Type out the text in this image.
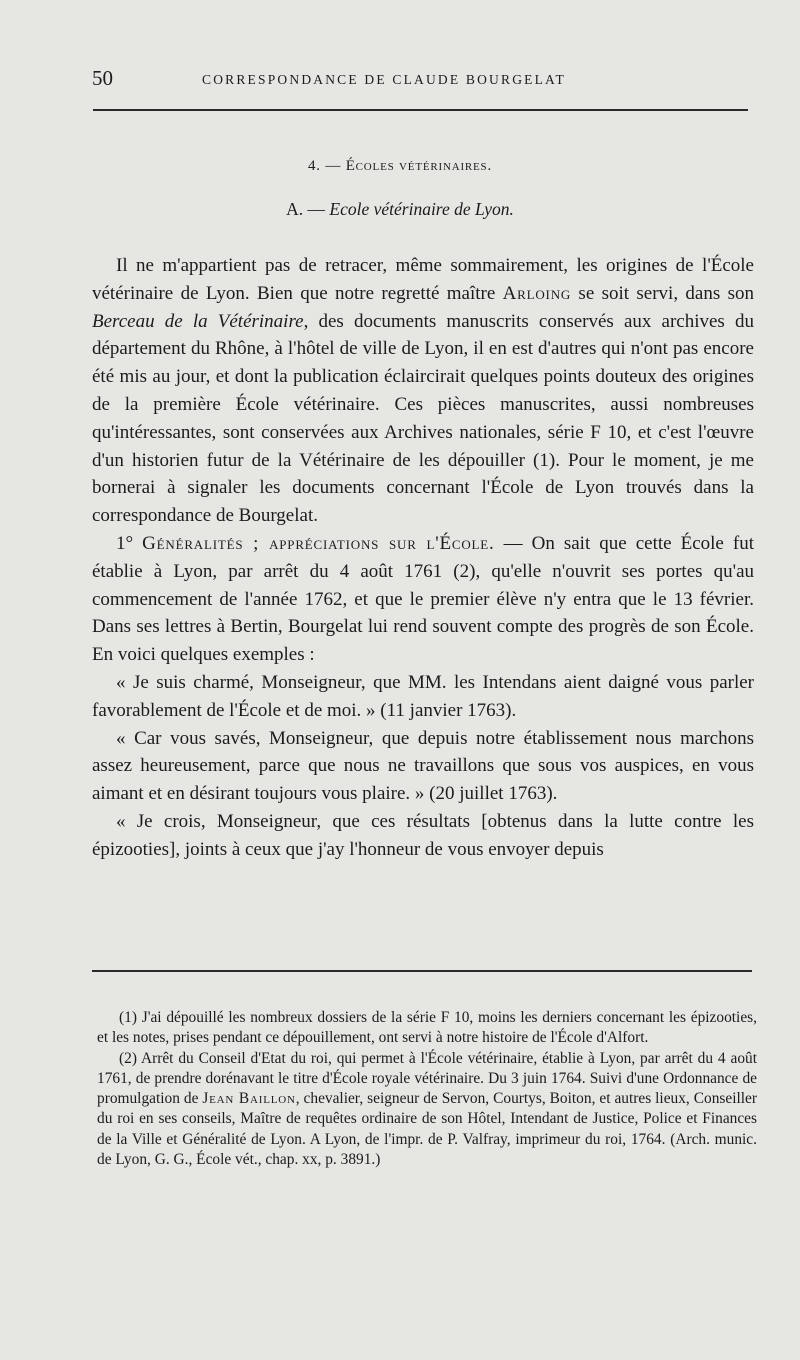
50	CORRESPONDANCE DE CLAUDE BOURGELAT
4. — Écoles vétérinaires.
A. — Ecole vétérinaire de Lyon.

Il ne m'appartient pas de retracer, même sommairement, les origines de l'École vétérinaire de Lyon. Bien que notre regretté maître Arloing se soit servi, dans son Berceau de la Vétérinaire, des documents manuscrits conservés aux archives du département du Rhône, à l'hôtel de ville de Lyon, il en est d'autres qui n'ont pas encore été mis au jour, et dont la publication éclaircirait quelques points douteux des origines de la première École vétérinaire. Ces pièces manuscrites, aussi nombreuses qu'intéressantes, sont conservées aux Archives nationales, série F 10, et c'est l'œuvre d'un historien futur de la Vétérinaire de les dépouiller (1). Pour le moment, je me bornerai à signaler les documents concernant l'École de Lyon trouvés dans la correspondance de Bourgelat.

1° Généralités ; appréciations sur l'École. — On sait que cette École fut établie à Lyon, par arrêt du 4 août 1761 (2), qu'elle n'ouvrit ses portes qu'au commencement de l'année 1762, et que le premier élève n'y entra que le 13 février. Dans ses lettres à Bertin, Bourgelat lui rend souvent compte des progrès de son École. En voici quelques exemples :

« Je suis charmé, Monseigneur, que MM. les Intendans aient daigné vous parler favorablement de l'École et de moi. » (11 janvier 1763).

« Car vous savés, Monseigneur, que depuis notre établissement nous marchons assez heureusement, parce que nous ne travaillons que sous vos auspices, en vous aimant et en désirant toujours vous plaire. » (20 juillet 1763).

« Je crois, Monseigneur, que ces résultats [obtenus dans la lutte contre les épizooties], joints à ceux que j'ay l'honneur de vous envoyer depuis

(1) J'ai dépouillé les nombreux dossiers de la série F 10, moins les derniers concernant les épizooties, et les notes, prises pendant ce dépouillement, ont servi à notre histoire de l'École d'Alfort.

(2) Arrêt du Conseil d'Etat du roi, qui permet à l'École vétérinaire, établie à Lyon, par arrêt du 4 août 1761, de prendre dorénavant le titre d'École royale vétérinaire. Du 3 juin 1764. Suivi d'une Ordonnance de promulgation de Jean Baillon, chevalier, seigneur de Servon, Courtys, Boiton, et autres lieux, Conseiller du roi en ses conseils, Maître de requêtes ordinaire de son Hôtel, Intendant de Justice, Police et Finances de la Ville et Généralité de Lyon. A Lyon, de l'impr. de P. Valfray, imprimeur du roi, 1764. (Arch. munic. de Lyon, G. G., École vét., chap. xx, p. 3891.)
